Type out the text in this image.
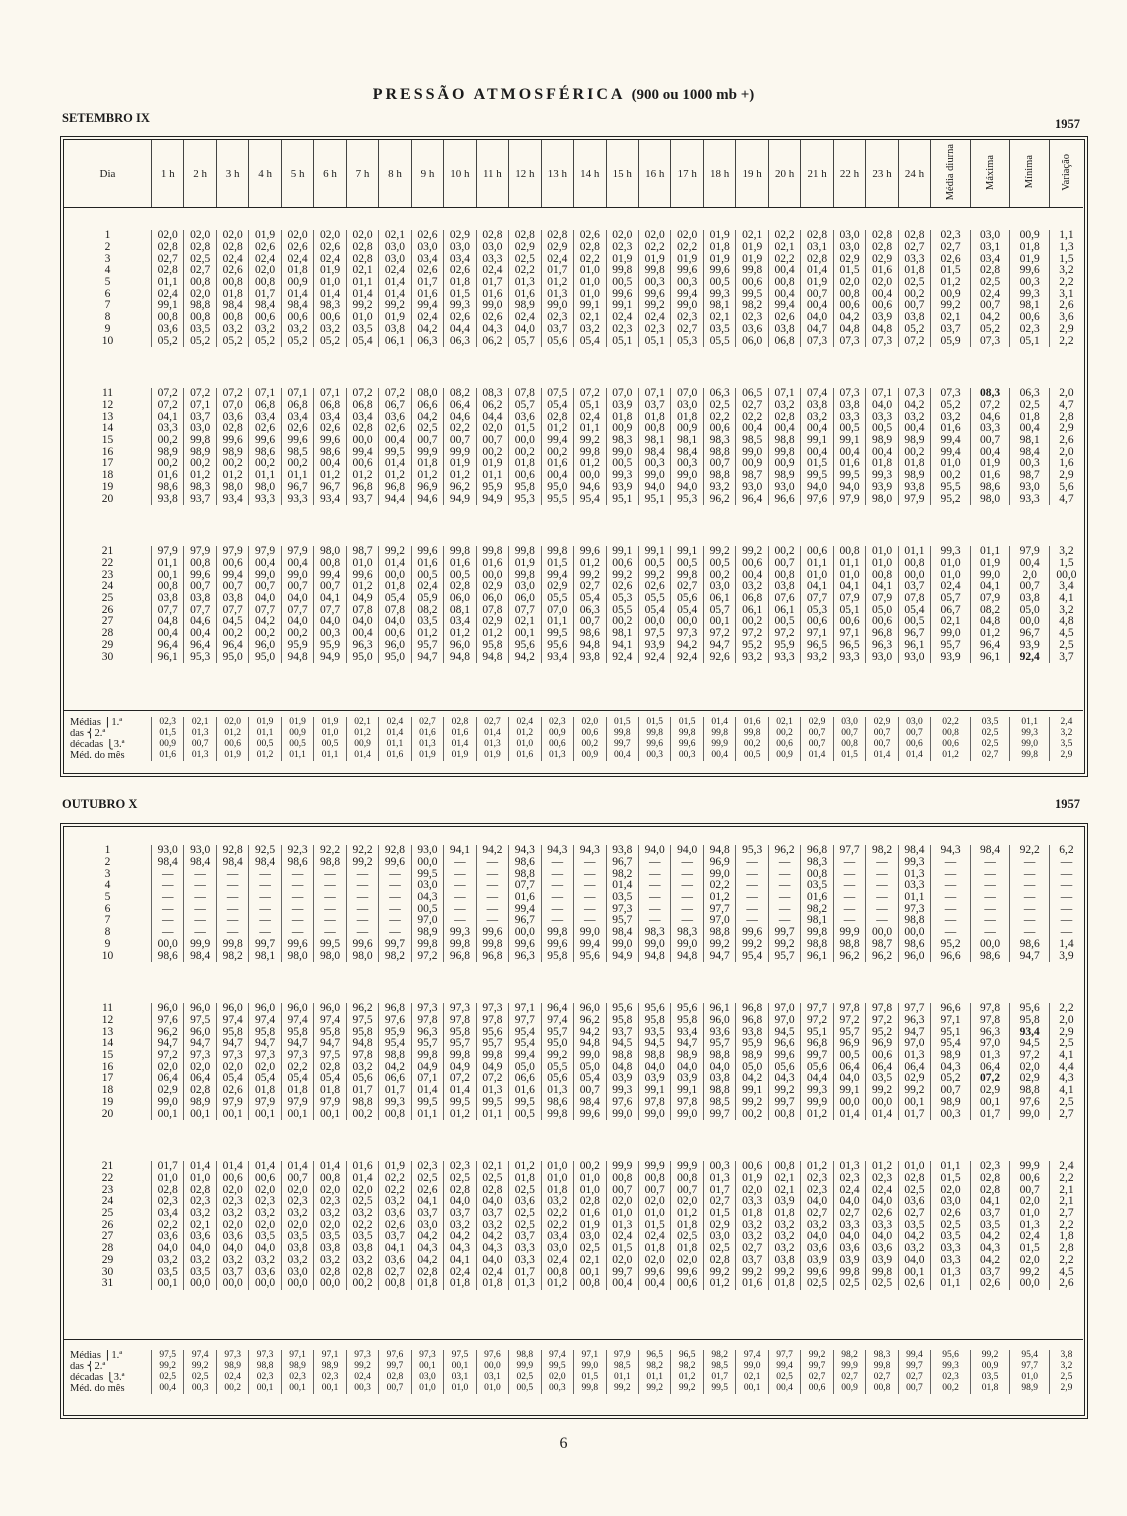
PRESSÃO ATMOSFÉRICA (900 ou 1000 mb +)
SETEMBRO IX	1957
Dia	1 h	2 h	3 h	4 h	5 h	6 h	7 h	8 h	9 h	10 h	11 h	12 h	13 h	14 h	15 h	16 h	17 h	18 h	19 h	20 h	21 h	22 h	23 h	24 h	Média diurna	Máxima	Mínima	Variação
1	02,0	02,0	02,0	01,9	02,0	02,0	02,0	02,1	02,6	02,9	02,8	02,8	02,8	02,6	02,0	02,0	02,0	01,9	02,1	02,2	02,8	03,0	02,8	02,8	02,3	03,0	00,9	1,1
2	02,8	02,8	02,8	02,6	02,6	02,6	02,8	03,0	03,0	03,0	03,0	02,9	02,9	02,8	02,3	02,2	02,2	01,8	01,9	02,1	03,1	03,0	02,8	02,7	02,7	03,1	01,8	1,3
3	02,7	02,5	02,4	02,4	02,4	02,4	02,8	03,0	03,4	03,4	03,3	02,5	02,4	02,2	01,9	01,9	01,9	01,9	01,9	02,2	02,8	02,9	02,9	03,3	02,6	03,4	01,9	1,5
4	02,8	02,7	02,6	02,0	01,8	01,9	02,1	02,4	02,6	02,6	02,4	02,2	01,7	01,0	99,8	99,8	99,6	99,6	99,8	00,4	01,4	01,5	01,6	01,8	01,5	02,8	99,6	3,2
5	01,1	00,8	00,8	00,8	00,9	01,0	01,1	01,4	01,7	01,8	01,7	01,3	01,2	01,0	00,5	00,3	00,3	00,5	00,6	00,8	01,9	02,0	02,0	02,5	01,2	02,5	00,3	2,2
6	02,4	02,0	01,8	01,7	01,4	01,4	01,4	01,4	01,6	01,5	01,6	01,6	01,3	01,0	99,6	99,6	99,4	99,3	99,5	00,4	00,7	00,8	00,4	00,2	00,9	02,4	99,3	3,1
7	99,1	98,8	98,4	98,4	98,4	98,3	99,2	99,2	99,4	99,3	99,0	98,9	99,0	99,1	99,1	99,2	99,0	98,1	98,2	99,4	00,4	00,6	00,6	00,7	99,2	00,7	98,1	2,6
8	00,8	00,8	00,8	00,6	00,6	00,6	01,0	01,9	02,4	02,6	02,6	02,4	02,3	02,1	02,4	02,4	02,3	02,1	02,3	02,6	04,0	04,2	03,9	03,8	02,1	04,2	00,6	3,6
9	03,6	03,5	03,2	03,2	03,2	03,2	03,5	03,8	04,2	04,4	04,3	04,0	03,7	03,2	02,3	02,3	02,7	03,5	03,6	03,8	04,7	04,8	04,8	05,2	03,7	05,2	02,3	2,9
10	05,2	05,2	05,2	05,2	05,2	05,2	05,4	06,1	06,3	06,3	06,2	05,7	05,6	05,4	05,1	05,1	05,3	05,5	06,0	06,8	07,3	07,3	07,3	07,2	05,9	07,3	05,1	2,2
11	07,2	07,2	07,2	07,1	07,1	07,1	07,2	07,2	08,0	08,2	08,3	07,8	07,5	07,2	07,0	07,1	07,0	06,3	06,5	07,1	07,4	07,3	07,1	07,3	07,3	08,3	06,3	2,0
12	07,2	07,1	07,0	06,8	06,8	06,8	06,8	06,7	06,6	06,4	06,2	05,7	05,4	05,1	03,9	03,7	03,0	02,5	02,7	03,2	03,8	03,8	04,0	04,2	05,2	07,2	02,5	4,7
13	04,1	03,7	03,6	03,4	03,4	03,4	03,4	03,6	04,2	04,6	04,4	03,6	02,8	02,4	01,8	01,8	01,8	02,2	02,2	02,8	03,2	03,3	03,3	03,2	03,2	04,6	01,8	2,8
14	03,3	03,0	02,8	02,6	02,6	02,6	02,8	02,6	02,5	02,2	02,0	01,5	01,2	01,1	00,9	00,8	00,9	00,6	00,4	00,4	00,4	00,5	00,5	00,4	01,6	03,3	00,4	2,9
15	00,2	99,8	99,6	99,6	99,6	99,6	00,0	00,4	00,7	00,7	00,7	00,0	99,4	99,2	98,3	98,1	98,1	98,3	98,5	98,8	99,1	99,1	98,9	98,9	99,4	00,7	98,1	2,6
16	98,9	98,9	98,9	98,6	98,5	98,6	99,4	99,5	99,9	99,9	00,2	00,2	00,2	99,8	99,0	98,4	98,4	98,8	99,0	99,8	00,4	00,4	00,4	00,2	99,4	00,4	98,4	2,0
17	00,2	00,2	00,2	00,2	00,2	00,4	00,6	01,4	01,8	01,9	01,9	01,8	01,6	01,2	00,5	00,3	00,3	00,7	00,9	00,9	01,5	01,6	01,8	01,8	01,0	01,9	00,3	1,6
18	01,6	01,2	01,2	01,1	01,1	01,2	01,2	01,2	01,2	01,2	01,1	00,6	00,4	00,0	99,3	99,0	99,0	98,8	98,7	98,9	99,5	99,5	99,3	98,9	00,2	01,6	98,7	2,9
19	98,6	98,3	98,0	98,0	96,7	96,7	96,8	96,8	96,9	96,2	95,9	95,8	95,0	94,6	93,9	94,0	94,0	93,2	93,0	93,0	94,0	94,0	93,9	93,8	95,5	98,6	93,0	5,6
20	93,8	93,7	93,4	93,3	93,3	93,4	93,7	94,4	94,6	94,9	94,9	95,3	95,5	95,4	95,1	95,1	95,3	96,2	96,4	96,6	97,6	97,9	98,0	97,9	95,2	98,0	93,3	4,7
21	97,9	97,9	97,9	97,9	97,9	98,0	98,7	99,2	99,6	99,8	99,8	99,8	99,8	99,6	99,1	99,1	99,1	99,2	99,2	00,2	00,6	00,8	01,0	01,1	99,3	01,1	97,9	3,2
22	01,1	00,8	00,6	00,4	00,4	00,8	01,0	01,4	01,6	01,6	01,6	01,9	01,5	01,2	00,6	00,5	00,5	00,5	00,6	00,7	01,1	01,1	01,0	00,8	01,0	01,9	00,4	1,5
23	00,1	99,6	99,4	99,0	99,0	99,4	99,6	00,0	00,5	00,5	00,0	99,8	99,4	99,2	99,2	99,2	99,8	00,2	00,4	00,8	01,0	01,0	00,8	00,0	01,0	99,0	2,0	00,0
24	00,8	00,7	00,7	00,7	00,7	00,7	01,2	01,8	02,4	02,8	02,9	03,0	02,9	02,7	02,6	02,6	02,7	03,0	03,2	03,8	04,1	04,1	04,1	03,7	02,4	04,1	00,7	3,4
25	03,8	03,8	03,8	04,0	04,0	04,1	04,9	05,4	05,9	06,0	06,0	06,0	05,5	05,4	05,3	05,5	05,6	06,1	06,8	07,6	07,7	07,9	07,9	07,8	05,7	07,9	03,8	4,1
26	07,7	07,7	07,7	07,7	07,7	07,7	07,8	07,8	08,2	08,1	07,8	07,7	07,0	06,3	05,5	05,4	05,4	05,7	06,1	06,1	05,3	05,1	05,0	05,4	06,7	08,2	05,0	3,2
27	04,8	04,6	04,5	04,2	04,0	04,0	04,0	04,0	03,5	03,4	02,9	02,1	01,1	00,7	00,2	00,0	00,0	00,1	00,2	00,5	00,6	00,6	00,6	00,5	02,1	04,8	00,0	4,8
28	00,4	00,4	00,2	00,2	00,2	00,3	00,4	00,6	01,2	01,2	01,2	00,1	99,5	98,6	98,1	97,5	97,3	97,2	97,2	97,2	97,1	97,1	96,8	96,7	99,0	01,2	96,7	4,5
29	96,4	96,4	96,4	96,0	95,9	95,9	96,3	96,0	95,7	96,0	95,8	95,6	95,6	94,8	94,1	93,9	94,2	94,7	95,2	95,9	96,5	96,5	96,3	96,1	95,7	96,4	93,9	2,5
30	96,1	95,3	95,0	95,0	94,8	94,9	95,0	95,0	94,7	94,8	94,8	94,2	93,4	93,8	92,4	92,4	92,4	92,6	93,2	93,3	93,2	93,3	93,0	93,0	93,9	96,1	92,4	3,7
Médias ⎧1.ª	02,3	02,1	02,0	01,9	01,9	01,9	02,1	02,4	02,7	02,8	02,7	02,4	02,3	02,0	01,5	01,5	01,5	01,4	01,6	02,1	02,9	03,0	02,9	03,0	02,2	03,5	01,1	2,4
das ⎨2.ª	01,5	01,3	01,2	01,1	00,9	01,0	01,2	01,4	01,6	01,6	01,4	01,2	00,9	00,6	99,8	99,8	99,8	99,8	99,8	00,2	00,7	00,7	00,7	00,7	00,8	02,5	99,3	3,2
décadas ⎩3.ª	00,9	00,7	00,6	00,5	00,5	00,5	00,9	01,1	01,3	01,4	01,3	01,0	00,6	00,2	99,7	99,6	99,6	99,9	00,2	00,6	00,7	00,8	00,7	00,6	00,6	02,5	99,0	3,5
Méd. do mês	01,6	01,3	01,9	01,2	01,1	01,1	01,4	01,6	01,9	01,9	01,9	01,6	01,3	00,9	00,4	00,3	00,3	00,4	00,5	00,9	01,4	01,5	01,4	01,4	01,2	02,7	99,8	2,9
OUTUBRO X	1957
1	93,0	93,0	92,8	92,5	92,3	92,2	92,2	92,8	93,0	94,1	94,2	94,3	94,3	94,3	93,8	94,0	94,0	94,8	95,3	96,2	96,8	97,7	98,2	98,4	94,3	98,4	92,2	6,2
2	98,4	98,4	98,4	98,4	98,6	98,8	99,2	99,6	00,0	—	—	98,6	—	—	96,7	—	—	96,9	—	—	98,3	—	—	99,3	—	—	—	—
3	—	—	—	—	—	—	—	—	99,5	—	—	98,8	—	—	98,2	—	—	99,0	—	—	00,8	—	—	01,3	—	—	—	—
4	—	—	—	—	—	—	—	—	03,0	—	—	07,7	—	—	01,4	—	—	02,2	—	—	03,5	—	—	03,3	—	—	—	—
5	—	—	—	—	—	—	—	—	04,3	—	—	01,6	—	—	03,5	—	—	01,2	—	—	01,6	—	—	01,1	—	—	—	—
6	—	—	—	—	—	—	—	—	00,5	—	—	99,4	—	—	97,3	—	—	97,7	—	—	98,2	—	—	97,3	—	—	—	—
7	—	—	—	—	—	—	—	—	97,0	—	—	96,7	—	—	95,7	—	—	97,0	—	—	98,1	—	—	98,8	—	—	—	—
8	—	—	—	—	—	—	—	—	98,9	99,3	99,6	00,0	99,8	99,0	98,4	98,3	98,3	98,8	99,6	99,7	99,8	99,9	00,0	00,0	—	—	—	—
9	00,0	99,9	99,8	99,7	99,6	99,5	99,6	99,7	99,8	99,8	99,8	99,6	99,6	99,4	99,0	99,0	99,0	99,2	99,2	99,2	98,8	98,8	98,7	98,6	95,2	00,0	98,6	1,4
10	98,6	98,4	98,2	98,1	98,0	98,0	98,0	98,2	97,2	96,8	96,8	96,3	95,8	95,6	94,9	94,8	94,8	94,7	95,4	95,7	96,1	96,2	96,2	96,0	96,6	98,6	94,7	3,9
11	96,0	96,0	96,0	96,0	96,0	96,0	96,2	96,8	97,3	97,3	97,3	97,1	96,4	96,0	95,6	95,6	95,6	96,1	96,8	97,0	97,7	97,8	97,8	97,7	96,6	97,8	95,6	2,2
12	97,6	97,5	97,4	97,4	97,4	97,4	97,5	97,6	97,8	97,8	97,8	97,7	97,4	96,2	95,8	95,8	95,8	96,0	96,8	97,0	97,2	97,2	97,2	96,3	97,1	97,8	95,8	2,0
13	96,2	96,0	95,8	95,8	95,8	95,8	95,8	95,9	96,3	95,8	95,6	95,4	95,7	94,2	93,7	93,5	93,4	93,6	93,8	94,5	95,1	95,7	95,2	94,7	95,1	96,3	93,4	2,9
14	94,7	94,7	94,7	94,7	94,7	94,7	94,8	95,4	95,7	95,7	95,7	95,4	95,0	94,8	94,5	94,5	94,7	95,7	95,9	96,6	96,8	96,9	96,9	97,0	95,4	97,0	94,5	2,5
15	97,2	97,3	97,3	97,3	97,3	97,5	97,8	98,8	99,8	99,8	99,8	99,4	99,2	99,0	98,8	98,8	98,9	98,8	98,9	99,6	99,7	00,5	00,6	01,3	98,9	01,3	97,2	4,1
16	02,0	02,0	02,0	02,0	02,2	02,8	03,2	04,2	04,9	04,9	04,9	05,0	05,5	05,0	04,8	04,0	04,0	04,0	05,0	05,6	05,6	06,4	06,4	06,4	04,3	06,4	02,0	4,4
17	06,4	06,4	05,4	05,4	05,4	05,4	05,6	06,6	07,1	07,2	07,2	06,6	05,6	05,4	03,9	03,9	03,9	03,8	04,2	04,3	04,4	04,0	03,5	02,9	05,2	07,2	02,9	4,3
18	02,9	02,8	02,6	01,8	01,8	01,8	01,7	01,7	01,4	01,4	01,3	01,6	01,3	00,7	99,3	99,1	99,1	98,8	99,1	99,2	99,3	99,1	99,2	99,2	00,7	02,9	98,8	4,1
19	99,0	98,9	97,9	97,9	97,9	97,9	98,8	99,3	99,5	99,5	99,5	99,5	98,6	98,4	97,6	97,8	97,8	98,5	99,2	99,7	99,9	00,0	00,0	00,1	98,9	00,1	97,6	2,5
20	00,1	00,1	00,1	00,1	00,1	00,1	00,2	00,8	01,1	01,2	01,1	00,5	99,8	99,6	99,0	99,0	99,0	99,7	00,2	00,8	01,2	01,4	01,4	01,7	00,3	01,7	99,0	2,7
21	01,7	01,4	01,4	01,4	01,4	01,4	01,6	01,9	02,3	02,3	02,1	01,2	01,0	00,2	99,9	99,9	99,9	00,3	00,6	00,8	01,2	01,3	01,2	01,0	01,1	02,3	99,9	2,4
22	01,0	01,0	00,6	00,6	00,7	00,8	01,4	02,2	02,5	02,5	02,5	01,8	01,0	01,0	00,8	00,8	00,8	01,3	01,9	02,1	02,3	02,3	02,3	02,8	01,5	02,8	00,6	2,2
23	02,8	02,8	02,0	02,0	02,0	02,0	02,0	02,2	02,6	02,8	02,8	02,5	01,8	01,0	00,7	00,7	00,7	01,7	02,0	02,1	02,3	02,4	02,4	02,5	02,0	02,8	00,7	2,1
24	02,3	02,3	02,3	02,3	02,3	02,3	02,5	03,2	04,1	04,0	04,0	03,6	03,2	02,8	02,0	02,0	02,0	02,7	03,3	03,9	04,0	04,0	04,0	03,6	03,0	04,1	02,0	2,1
25	03,4	03,2	03,2	03,2	03,2	03,2	03,2	03,6	03,7	03,7	03,7	02,5	02,2	01,6	01,0	01,0	01,2	01,5	01,8	01,8	02,7	02,7	02,6	02,7	02,6	03,7	01,0	2,7
26	02,2	02,1	02,0	02,0	02,0	02,0	02,2	02,6	03,0	03,2	03,2	02,5	02,2	01,9	01,3	01,5	01,8	02,9	03,2	03,2	03,2	03,3	03,3	03,5	02,5	03,5	01,3	2,2
27	03,6	03,6	03,6	03,5	03,5	03,5	03,5	03,7	04,2	04,2	04,2	03,7	03,4	03,0	02,4	02,4	02,5	03,0	03,2	03,2	04,0	04,0	04,0	04,2	03,5	04,2	02,4	1,8
28	04,0	04,0	04,0	04,0	03,8	03,8	03,8	04,1	04,3	04,3	04,3	03,3	03,0	02,5	01,5	01,8	01,8	02,5	02,7	03,2	03,6	03,6	03,6	03,2	03,3	04,3	01,5	2,8
29	03,2	03,2	03,2	03,2	03,2	03,2	03,2	03,6	04,2	04,1	04,0	03,3	02,4	02,1	02,0	02,0	02,0	02,8	03,7	03,8	03,9	03,9	03,9	04,0	03,3	04,2	02,0	2,2
30	03,5	03,5	03,7	03,6	03,0	02,8	02,8	02,7	02,8	02,4	02,4	01,7	00,8	00,1	99,7	99,6	99,6	99,2	99,2	99,2	99,6	99,8	99,8	00,1	01,3	03,7	99,2	4,5
31	00,1	00,0	00,0	00,0	00,0	00,0	00,2	00,8	01,8	01,8	01,8	01,3	01,2	00,8	00,4	00,4	00,6	01,2	01,6	01,8	02,5	02,5	02,5	02,6	01,1	02,6	00,0	2,6
Médias ⎧1.ª	97,5	97,4	97,3	97,3	97,1	97,1	97,3	97,6	97,3	97,5	97,6	98,8	97,4	97,1	97,9	96,5	96,5	98,2	97,4	97,7	99,2	98,2	98,3	99,4	95,6	99,2	95,4	3,8
das ⎨2.ª	99,2	99,2	98,9	98,8	98,9	98,9	99,2	99,7	00,1	00,1	00,0	99,9	99,5	99,0	98,5	98,2	98,2	98,5	99,0	99,4	99,7	99,9	99,8	99,7	99,3	00,9	97,7	3,2
décadas ⎩3.ª	02,5	02,5	02,4	02,3	02,3	02,3	02,4	02,8	03,0	03,1	03,1	02,5	02,0	01,5	01,1	01,1	01,2	01,7	02,1	02,5	02,7	02,7	02,7	02,7	02,3	03,5	01,0	2,5
Méd. do mês	00,4	00,3	00,2	00,1	00,1	00,1	00,3	00,7	01,0	01,0	01,0	00,5	00,3	99,8	99,2	99,2	99,2	99,5	00,1	00,4	00,6	00,9	00,8	00,7	00,2	01,8	98,9	2,9
6
